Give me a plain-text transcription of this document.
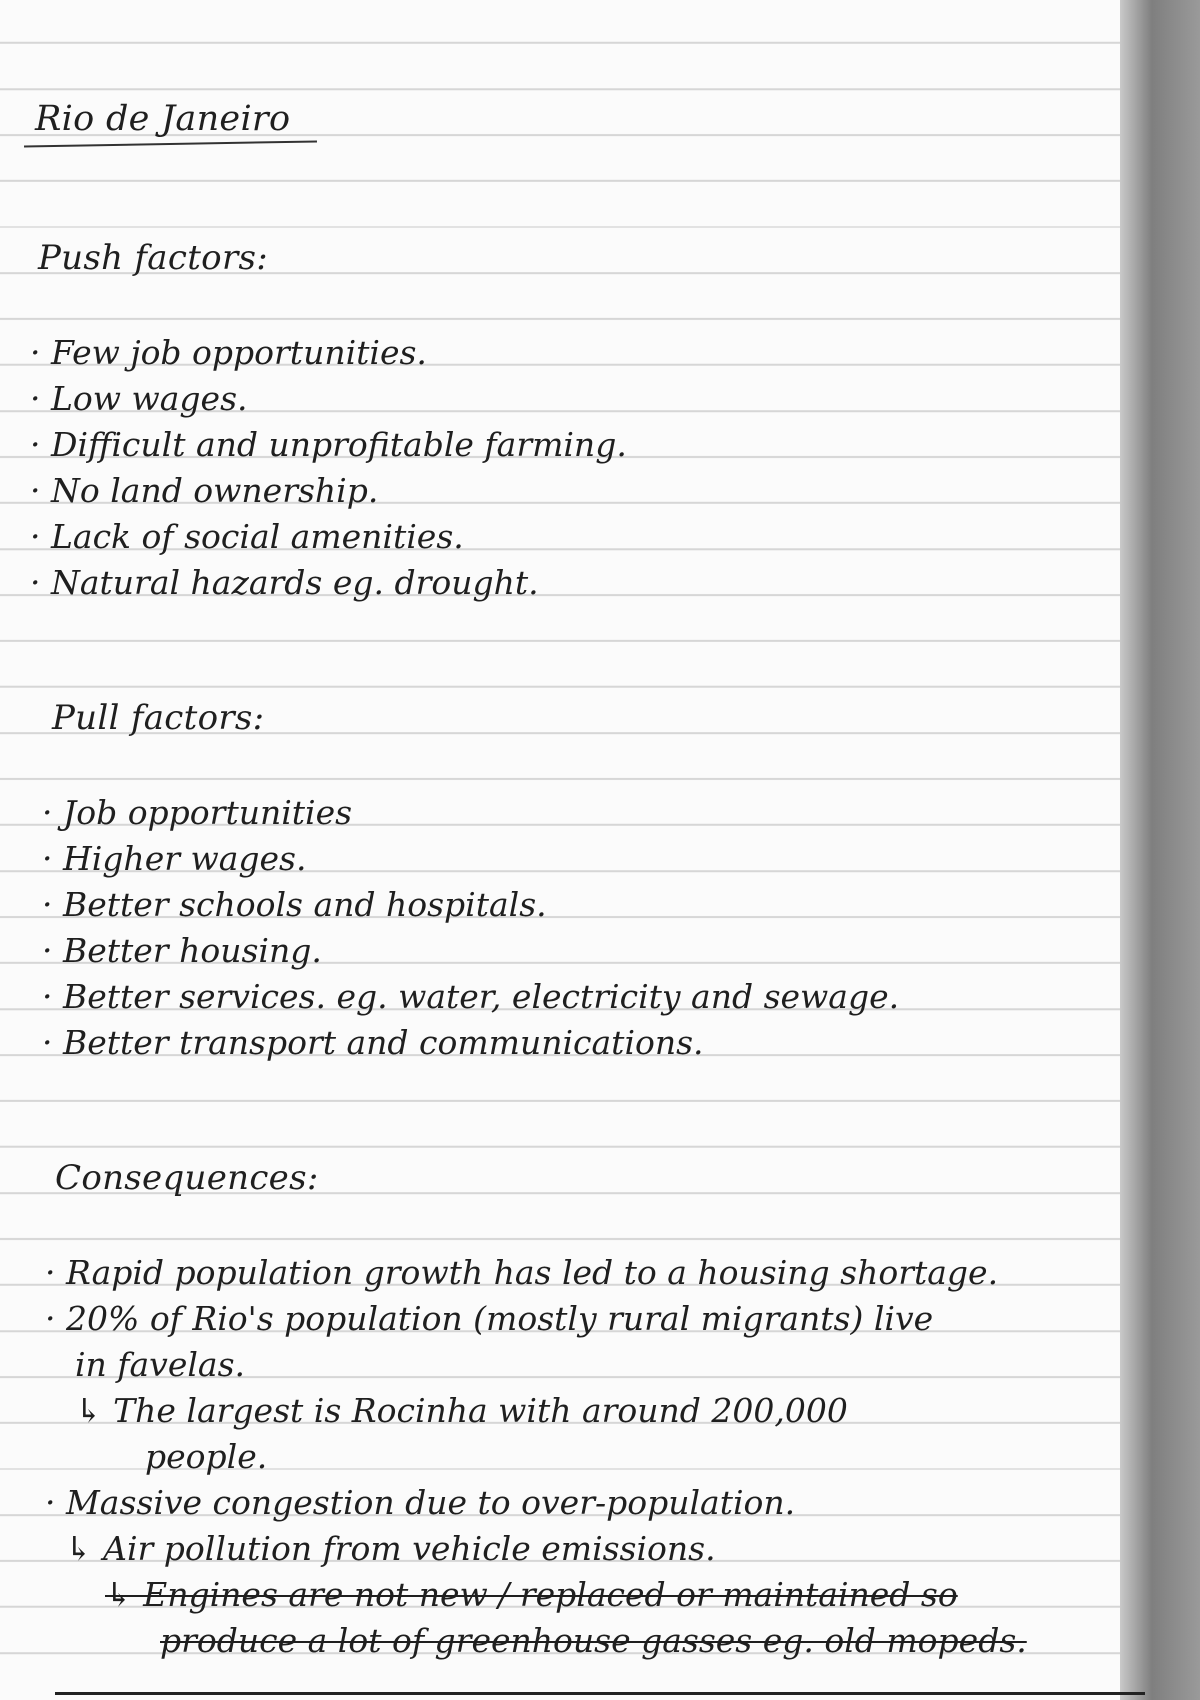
Rio de Janeiro
Push factors:
· Few job opportunities.
· Low wages.
· Difficult and unprofitable farming.
· No land ownership.
· Lack of social amenities.
· Natural hazards eg. drought.
Pull factors:
· Job opportunities
· Higher wages.
· Better schools and hospitals.
· Better housing.
· Better services. eg. water, electricity and sewage.
· Better transport and communications.
Consequences:
· Rapid population growth has led to a housing shortage.
· 20% of Rio's population (mostly rural migrants) live
in favelas.
↳ The largest is Rocinha with around 200,000
people.
· Massive congestion due to over-population.
↳ Air pollution from vehicle emissions.
↳ Engines are not new / replaced or maintained so
produce a lot of greenhouse gasses eg. old mopeds.
